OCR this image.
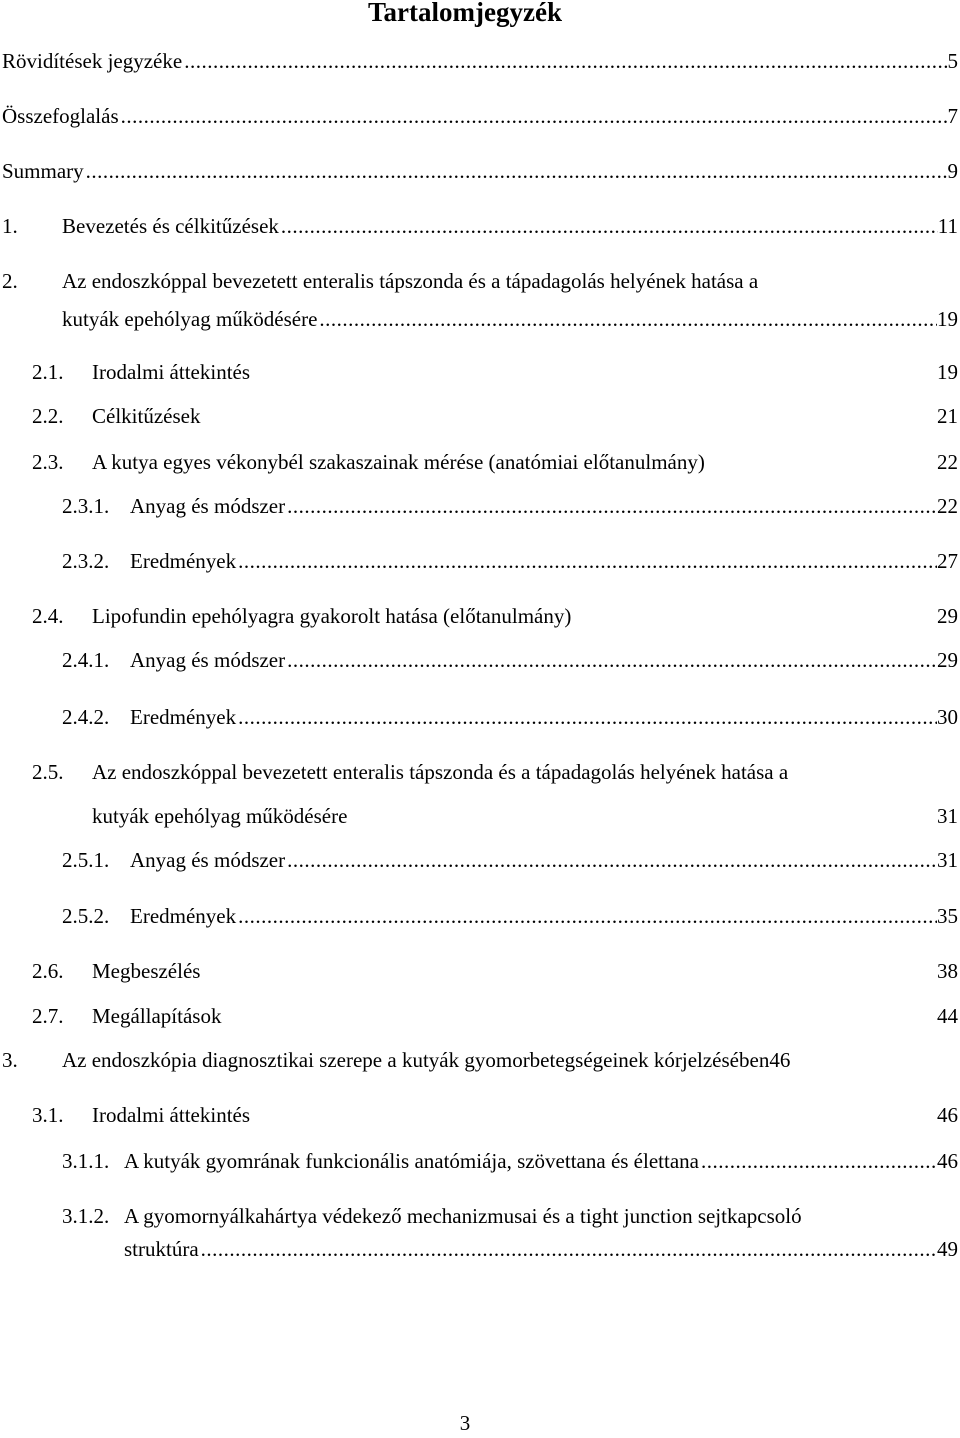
Tartalomjegyzék
Rövidítések jegyzéke .....	5
Összefoglalás .....	7
Summary .....	9
1.	Bevezetés és célkitűzések .....	11
2. Az endoszkóppal bevezetett enteralis tápszonda és a tápadagolás helyének hatása a
kutyák epehólyag működésére .....	19
2.1.	Irodalmi áttekintés	19
2.2.	Célkitűzések	21
2.3.	A kutya egyes vékonybél szakaszainak mérése (anatómiai előtanulmány)	22
2.3.1. Anyag és módszer .....	22
2.3.2. Eredmények .....	27
2.4.	Lipofundin epehólyagra gyakorolt hatása (előtanulmány)	29
2.4.1. Anyag és módszer .....	29
2.4.2. Eredmények .....	30
2.5. Az endoszkóppal bevezetett enteralis tápszonda és a tápadagolás helyének hatása a
kutyák epehólyag működésére	31
2.5.1. Anyag és módszer .....	31
2.5.2. Eredmények .....	35
2.6.	Megbeszélés	38
2.7.	Megállapítások	44
3.	Az endoszkópia diagnosztikai szerepe a kutyák gyomorbetegségeinek kórjelzésében 46
3.1.	Irodalmi áttekintés	46
3.1.1. A kutyák gyomrának funkcionális anatómiája, szövettana és élettana .....	46
3.1.2. A gyomornyálkahártya védekező mechanizmusai és a tight junction sejtkapcsoló
struktúra .....	49
3
